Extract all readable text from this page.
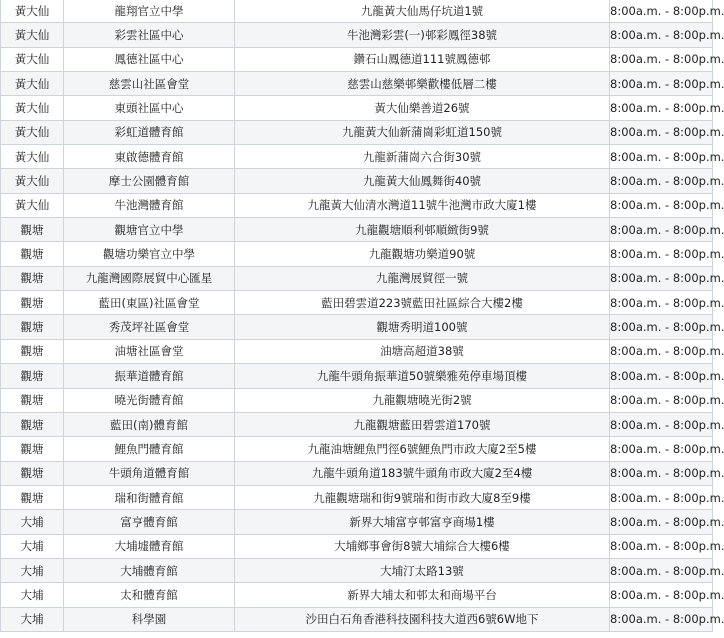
黃大仙	龍翔官立中學	九龍黃大仙馬仔坑道1號	8:00a.m. - 8:00p.m.
黃大仙	彩雲社區中心	牛池灣彩雲(一)邨彩鳳徑38號	8:00a.m. - 8:00p.m.
黃大仙	鳳德社區中心	鑽石山鳳德道111號鳳德邨	8:00a.m. - 8:00p.m.
黃大仙	慈雲山社區會堂	慈雲山慈樂邨樂歡樓低層二樓	8:00a.m. - 8:00p.m.
黃大仙	東頭社區中心	黃大仙樂善道26號	8:00a.m. - 8:00p.m.
黃大仙	彩虹道體育館	九龍黃大仙新蒲崗彩虹道150號	8:00a.m. - 8:00p.m.
黃大仙	東啟德體育館	九龍新蒲崗六合街30號	8:00a.m. - 8:00p.m.
黃大仙	摩士公園體育館	九龍黃大仙鳳舞街40號	8:00a.m. - 8:00p.m.
黃大仙	牛池灣體育館	九龍黃大仙清水灣道11號牛池灣市政大廈1樓	8:00a.m. - 8:00p.m.
觀塘	觀塘官立中學	九龍觀塘順利邨順緻街9號	8:00a.m. - 8:00p.m.
觀塘	觀塘功樂官立中學	九龍觀塘功樂道90號	8:00a.m. - 8:00p.m.
觀塘	九龍灣國際展貿中心匯星	九龍灣展貿徑一號	8:00a.m. - 8:00p.m.
觀塘	藍田(東區)社區會堂	藍田碧雲道223號藍田社區綜合大樓2樓	8:00a.m. - 8:00p.m.
觀塘	秀茂坪社區會堂	觀塘秀明道100號	8:00a.m. - 8:00p.m.
觀塘	油塘社區會堂	油塘高超道38號	8:00a.m. - 8:00p.m.
觀塘	振華道體育館	九龍牛頭角振華道50號樂雅苑停車場頂樓	8:00a.m. - 8:00p.m.
觀塘	曉光街體育館	九龍觀塘曉光街2號	8:00a.m. - 8:00p.m.
觀塘	藍田(南)體育館	九龍觀塘藍田碧雲道170號	8:00a.m. - 8:00p.m.
觀塘	鯉魚門體育館	九龍油塘鯉魚門徑6號鯉魚門市政大廈2至5樓	8:00a.m. - 8:00p.m.
觀塘	牛頭角道體育館	九龍牛頭角道183號牛頭角市政大廈2至4樓	8:00a.m. - 8:00p.m.
觀塘	瑞和街體育館	九龍觀塘瑞和街9號瑞和街市政大廈8至9樓	8:00a.m. - 8:00p.m.
大埔	富亨體育館	新界大埔富亨邨富亨商場1樓	8:00a.m. - 8:00p.m.
大埔	大埔墟體育館	大埔鄉事會街8號大埔綜合大樓6樓	8:00a.m. - 8:00p.m.
大埔	大埔體育館	大埔汀太路13號	8:00a.m. - 8:00p.m.
大埔	太和體育館	新界大埔太和邨太和商場平台	8:00a.m. - 8:00p.m.
大埔	科學園	沙田白石角香港科技園科技大道西6號6W地下	8:00a.m. - 8:00p.m.
